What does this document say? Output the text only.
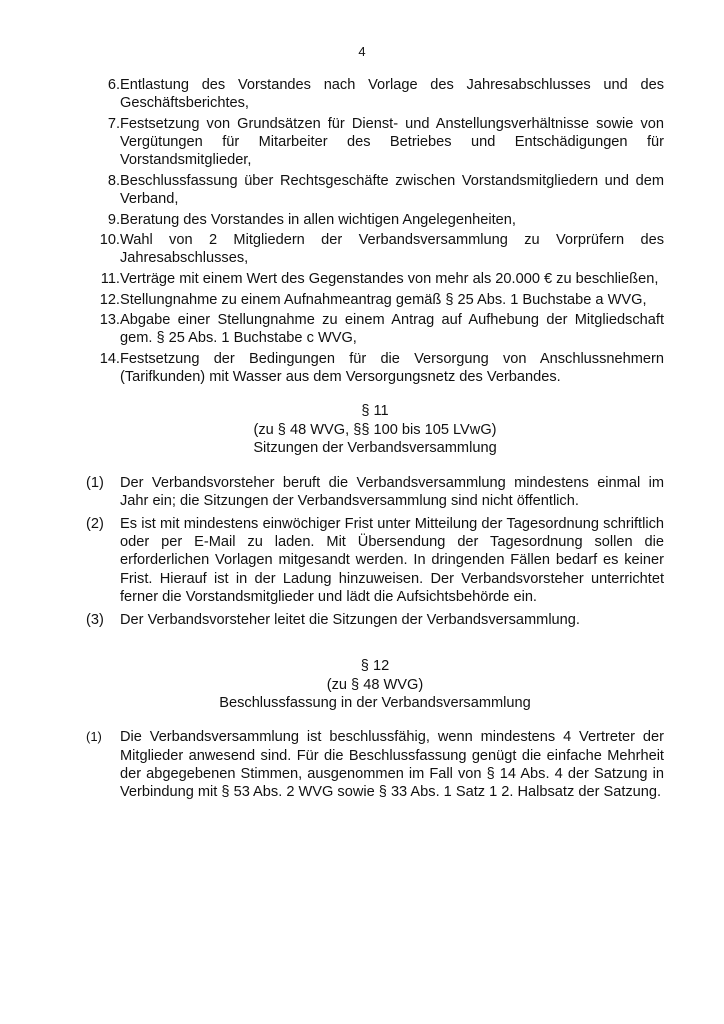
4
6. Entlastung des Vorstandes nach Vorlage des Jahresabschlusses und des Geschäftsberichtes,
7. Festsetzung von Grundsätzen für Dienst- und Anstellungsverhältnisse sowie von Vergütungen für Mitarbeiter des Betriebes und Entschädigungen für Vorstandsmitglieder,
8. Beschlussfassung über Rechtsgeschäfte zwischen Vorstandsmitgliedern und dem Verband,
9. Beratung des Vorstandes in allen wichtigen Angelegenheiten,
10. Wahl von 2 Mitgliedern der Verbandsversammlung zu Vorprüfern des Jahresabschlusses,
11. Verträge mit einem Wert des Gegenstandes von mehr als 20.000 € zu beschließen,
12. Stellungnahme zu einem Aufnahmeantrag gemäß § 25 Abs. 1 Buchstabe a WVG,
13. Abgabe einer Stellungnahme zu einem Antrag auf Aufhebung der Mitgliedschaft gem. § 25 Abs. 1 Buchstabe c WVG,
14. Festsetzung der Bedingungen für die Versorgung von Anschlussnehmern (Tarifkunden) mit Wasser aus dem Versorgungsnetz des Verbandes.
§ 11
(zu § 48 WVG, §§ 100 bis 105 LVwG)
Sitzungen der Verbandsversammlung
(1)	Der Verbandsvorsteher beruft die Verbandsversammlung mindestens einmal im Jahr ein; die Sitzungen der Verbandsversammlung sind nicht öffentlich.
(2)	Es ist mit mindestens einwöchiger Frist unter Mitteilung der Tagesordnung schriftlich oder per E-Mail zu laden. Mit Übersendung der Tagesordnung sollen die erforderlichen Vorlagen mitgesandt werden. In dringenden Fällen bedarf es keiner Frist. Hierauf ist in der Ladung hinzuweisen. Der Verbandsvorsteher unterrichtet ferner die Vorstandsmitglieder und lädt die Aufsichtsbehörde ein.
(3)	Der Verbandsvorsteher leitet die Sitzungen der Verbandsversammlung.
§ 12
(zu § 48 WVG)
Beschlussfassung in der Verbandsversammlung
(1)	Die Verbandsversammlung ist beschlussfähig, wenn mindestens 4 Vertreter der Mitglieder anwesend sind. Für die Beschlussfassung genügt die einfache Mehrheit der abgegebenen Stimmen, ausgenommen im Fall von § 14 Abs. 4 der Satzung in Verbindung mit § 53 Abs. 2 WVG sowie § 33 Abs. 1 Satz 1 2. Halbsatz der Satzung.
